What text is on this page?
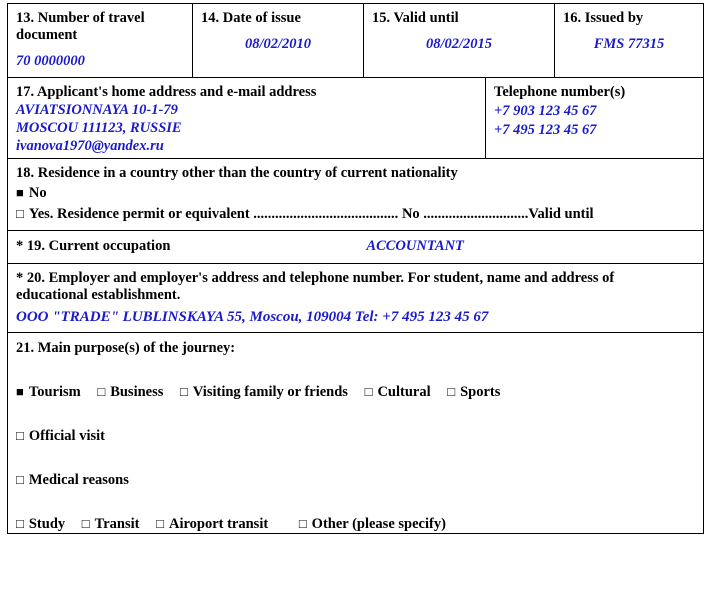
13. Number of travel document
70 0000000
14. Date of issue
08/02/2010
15. Valid until
08/02/2015
16. Issued by
FMS 77315
17. Applicant's home address and e-mail address
AVIATSIONNAYA 10-1-79
MOSCOU 111123, RUSSIE
ivanova1970@yandex.ru
Telephone number(s)
+7 903 123 45 67
+7 495 123 45 67
18. Residence in a country other than the country of current nationality
■ No
□ Yes. Residence permit or equivalent ........................................ No .............................Valid until
* 19. Current occupation	ACCOUNTANT
* 20. Employer and employer's address and telephone number. For student, name and address of
educational establishment.
OOO "TRADE" LUBLINSKAYA 55, Moscou, 109004 Tel: +7 495 123 45 67
21. Main purpose(s) of the journey:
■ Tourism □ Business □ Visiting family or friends □ Cultural □ Sports
□ Official visit
□ Medical reasons
□ Study □ Transit □ Airoport transit □	Other (please specify)
